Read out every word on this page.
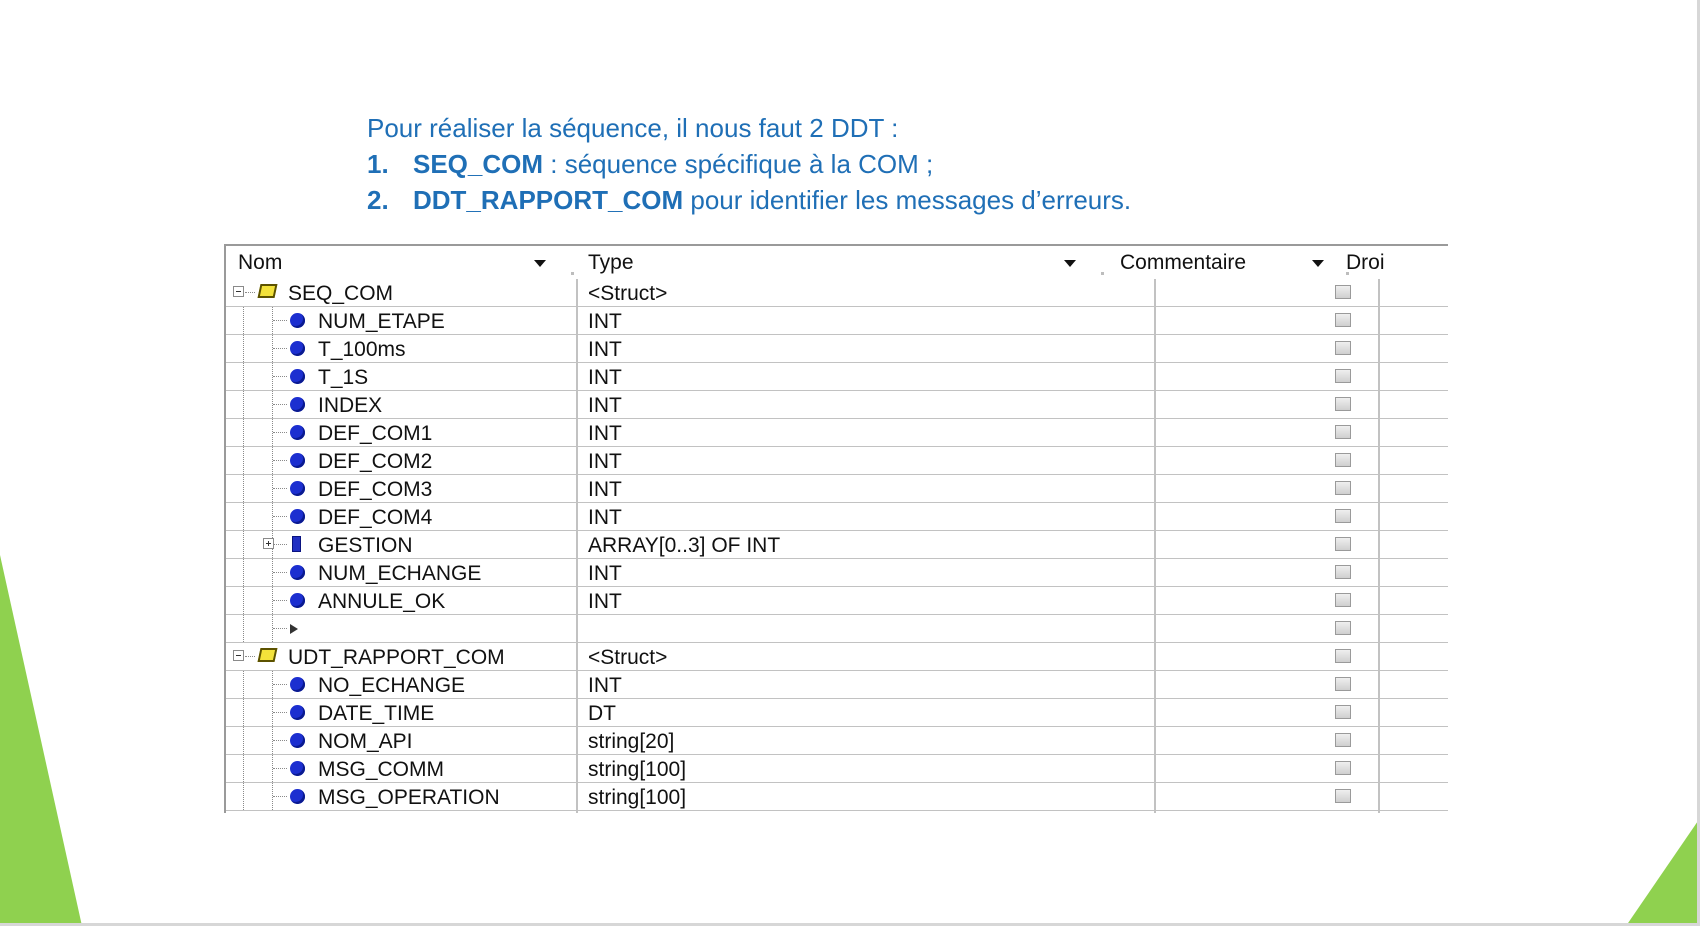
Pour réaliser la séquence, il nous faut 2 DDT :
1. SEQ_COM : séquence spécifique à la COM ;
2. DDT_RAPPORT_COM pour identifier les messages d’erreurs.
Nom	Type	Commentaire	Droi
SEQ_COM	<Struct>
NUM_ETAPE	INT
T_100ms	INT
T_1S	INT
INDEX	INT
DEF_COM1	INT
DEF_COM2	INT
DEF_COM3	INT
DEF_COM4	INT
GESTION	ARRAY[0..3] OF INT
NUM_ECHANGE	INT
ANNULE_OK	INT
UDT_RAPPORT_COM	<Struct>
NO_ECHANGE	INT
DATE_TIME	DT
NOM_API	string[20]
MSG_COMM	string[100]
MSG_OPERATION	string[100]
